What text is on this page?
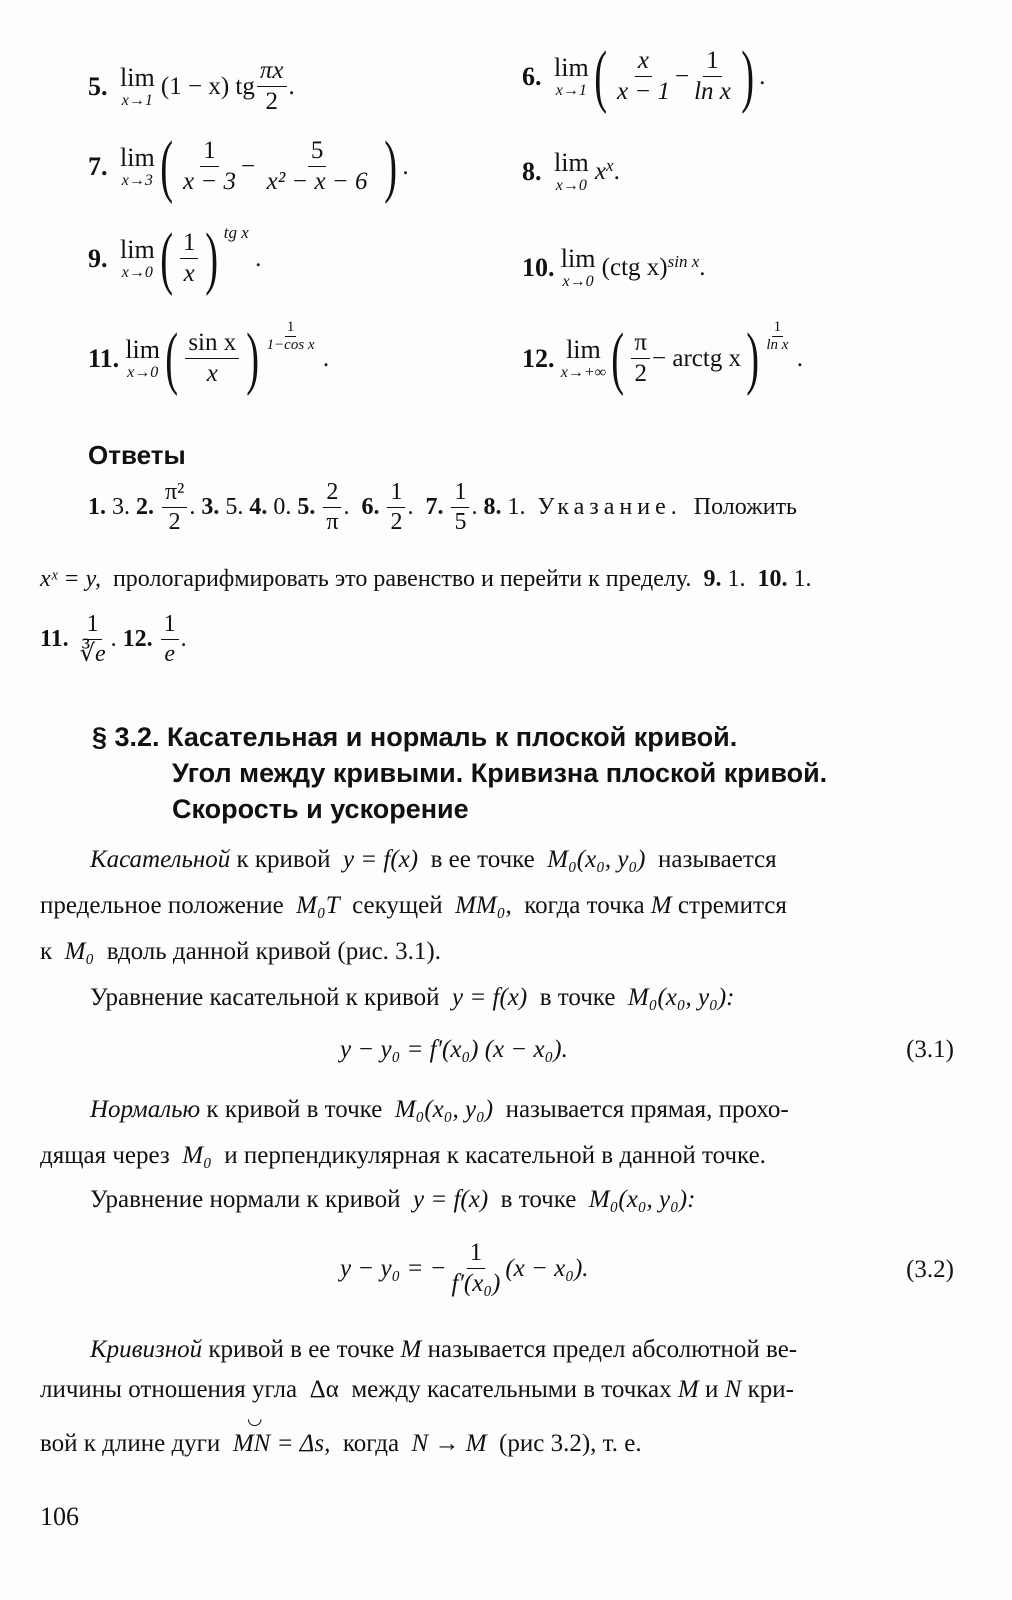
5.
lim
x→1

(1 − x) tg $\frac{\pi x}{2}$ .	6.
lim
x→1 ( $\frac{x}{x - 1} - \frac{1}{\text{ln x}}$ ) .
7.
lim
x→3 ( $\frac{1}{x - 3} - \frac{5}{\text{x² − x − 6}}$ ) .	8.
lim
x→0

x x .
9.
lim
x→0 ( $\frac{1}{x}$ ) tg x

.	10.
lim
x→0

(ctg x) sin x .
11.
lim
x→0 ( $\frac{\text{sin x}}{x}$ ) 1
1−cos x
.	12.
lim
x→+∞ ( $\frac{\pi}{2}$ − arctg x ) 1
ln x
.
Ответы
1.
3.
2.
$\frac{\text{π²}}{2}$ . 3.
5.
4.
0.
5.
$\frac{2}{\pi}$ . 6.
$\frac{1}{2}$ . 7.
$\frac{1}{5}$ . 8.
1.
Указание.
Положить
xˣ = y, прологарифмировать это равенство и перейти к пределу. 9. 1. 10. 1.
11.
$\frac{1}{∛e}$ . 12.
$\frac{1}{e}$ .
§ 3.2. Касательная и нормаль к плоской кривой.
Угол между кривыми. Кривизна плоской кривой.
Скорость и ускорение
Касательной к кривой y = f(x) в ее точке M₀(x₀, y₀) называется
предельное положение M₀T секущей MM₀, когда точка M стремится
к M₀ вдоль данной кривой (рис. 3.1).
Уравнение касательной к кривой y = f(x) в точке M₀(x₀, y₀):
y − y₀ = f′(x₀) (x − x₀).	(3.1)
Нормалью к кривой в точке M₀(x₀, y₀) называется прямая, прохо-
дящая через M₀ и перпендикулярная к касательной в данной точке.
Уравнение нормали к кривой y = f(x) в точке M₀(x₀, y₀):
y − y₀ = − $\frac{1}{\text{f′(x₀)}} (x - x_0)$.	(3.2)
Кривизной кривой в ее точке M называется предел абсолютной ве-
личины отношения угла Δα между касательными в точках M и N кри-
вой к длине дуги
◡
MN = Δs, когда N → M (рис 3.2), т. е.
106
